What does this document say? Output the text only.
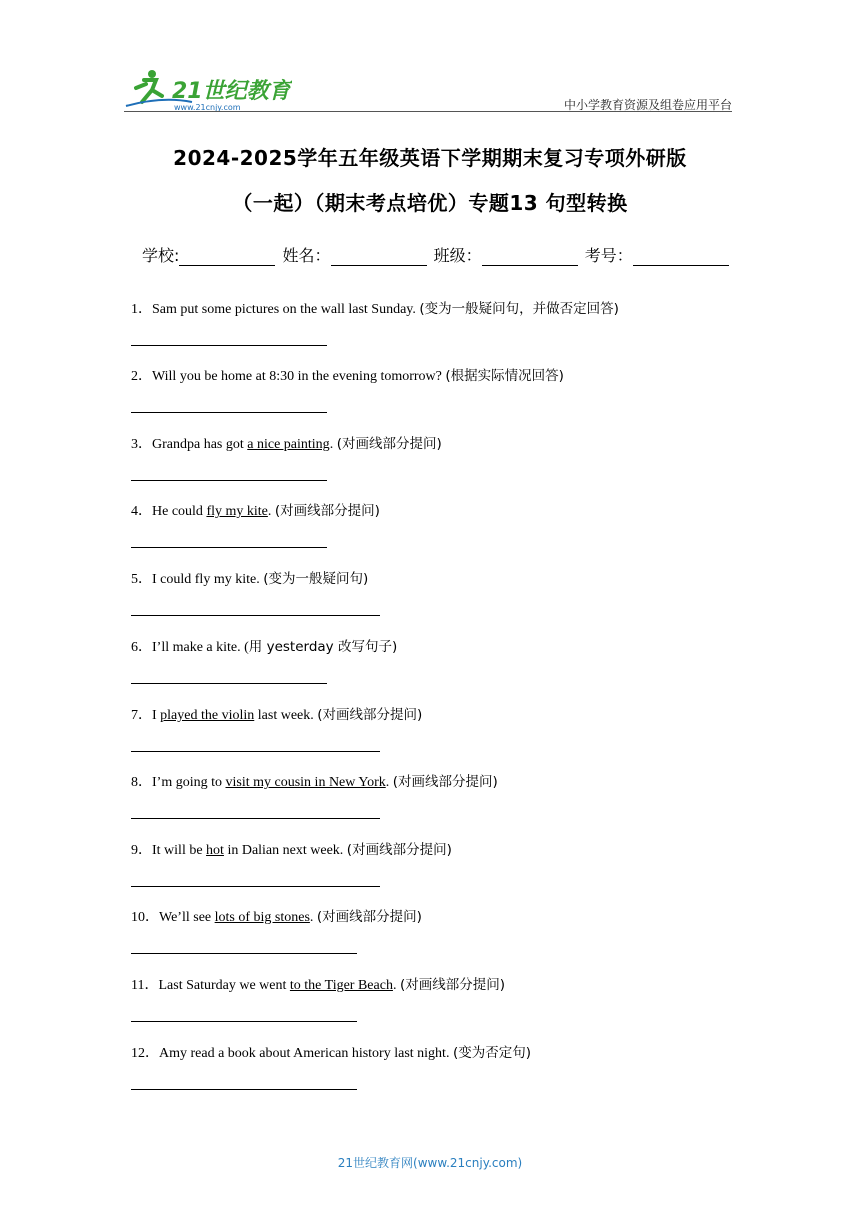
21世纪教育
www.21cnjy.com	中小学教育资源及组卷应用平台
2024-2025学年五年级英语下学期期末复习专项外研版
（一起）（期末考点培优）专题13 句型转换
学校:	姓名：	班级：	考号：
1．Sam put some pictures on the wall last Sunday. (变为一般疑问句，并做否定回答)
2．Will you be home at 8:30 in the evening tomorrow? (根据实际情况回答)
3．Grandpa has got a nice painting. (对画线部分提问)
4．He could fly my kite. (对画线部分提问)
5．I could fly my kite. (变为一般疑问句)
6．I’ll make a kite. (用 yesterday 改写句子)
7．I played the violin last week. (对画线部分提问)
8．I’m going to visit my cousin in New York. (对画线部分提问)
9．It will be hot in Dalian next week. (对画线部分提问)
10．We’ll see lots of big stones. (对画线部分提问)
11．Last Saturday we went to the Tiger Beach. (对画线部分提问)
12．Amy read a book about American history last night. (变为否定句)
21世纪教育网(www.21cnjy.com)
